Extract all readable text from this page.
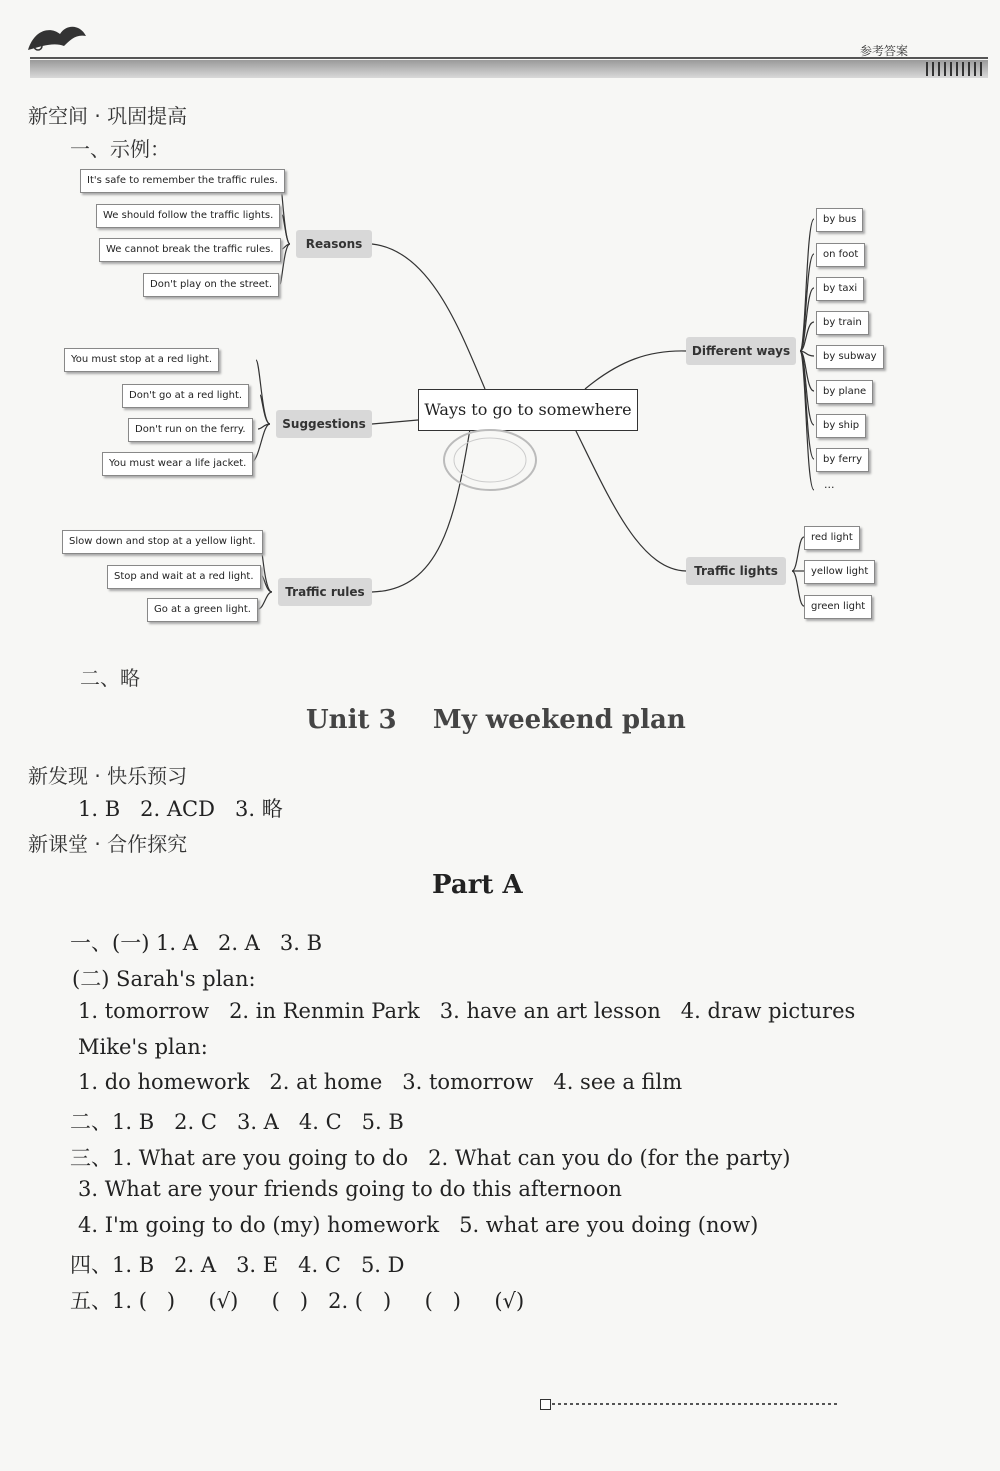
参考答案
新空间 · 巩固提高
一、示例：
It's safe to remember the traffic rules.
We should follow the traffic lights.
We cannot break the traffic rules.
Don't play on the street.
Reasons
You must stop at a red light.
Don't go at a red light.
Don't run on the ferry.
You must wear a life jacket.
Suggestions
Slow down and stop at a yellow light.
Stop and wait at a red light.
Go at a green light.
Traffic rules
Ways to go to somewhere
Different ways
by bus
on foot
by taxi
by train
by subway
by plane
by ship
by ferry
...
Traffic lights
red light
yellow light
green light
二、略
Unit 3    My weekend plan
新发现 · 快乐预习
1. B   2. ACD   3. 略
新课堂 · 合作探究
Part A
一、(一) 1. A   2. A   3. B
(二) Sarah's plan:
1. tomorrow   2. in Renmin Park   3. have an art lesson   4. draw pictures
Mike's plan:
1. do homework   2. at home   3. tomorrow   4. see a film
二、1. B   2. C   3. A   4. C   5. B
三、1. What are you going to do   2. What can you do (for the party)
3. What are your friends going to do this afternoon
4. I'm going to do (my) homework   5. what are you doing (now)
四、1. B   2. A   3. E   4. C   5. D
五、1. (   )     (√)     (   )   2. (   )     (   )     (√)
